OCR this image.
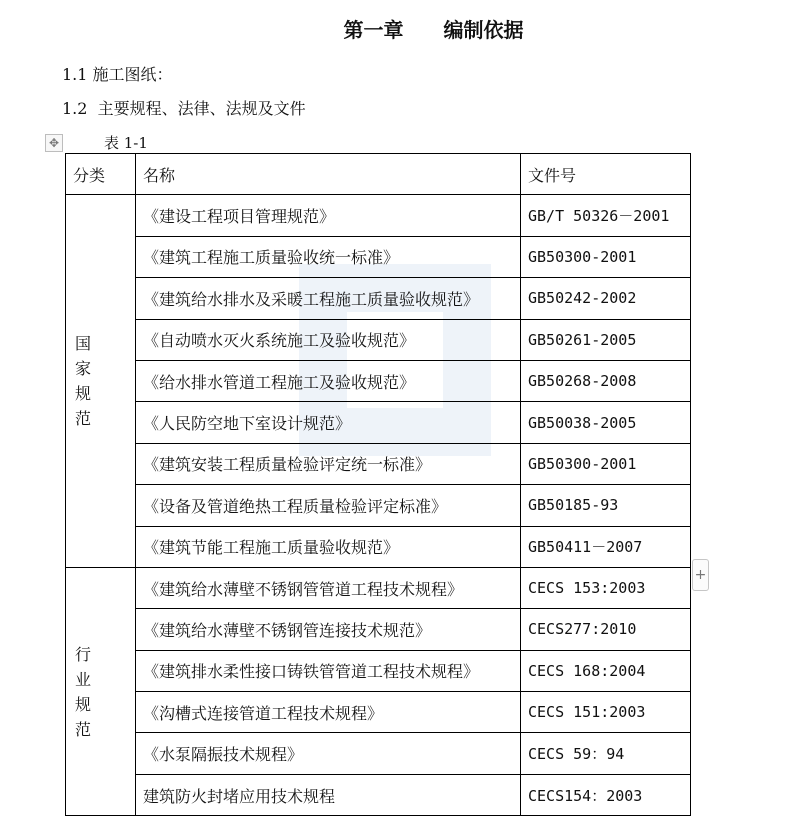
第一章　　编制依据
1.1 施工图纸：
1.2  主要规程、法律、法规及文件
✥	表 1-1
分类	名称	文件号

国家规范	《建设工程项目管理规范》	GB/T 50326－2001
	《建筑工程施工质量验收统一标准》	GB50300-2001
	《建筑给水排水及采暖工程施工质量验收规范》	GB50242-2002
	《自动喷水灭火系统施工及验收规范》	GB50261-2005
	《给水排水管道工程施工及验收规范》	GB50268-2008
	《人民防空地下室设计规范》	GB50038-2005
	《建筑安装工程质量检验评定统一标准》	GB50300-2001
	《设备及管道绝热工程质量检验评定标准》	GB50185-93
	《建筑节能工程施工质量验收规范》	GB50411－2007

行业规范	《建筑给水薄壁不锈钢管管道工程技术规程》	CECS 153:2003
	《建筑给水薄壁不锈钢管连接技术规范》	CECS277:2010
	《建筑排水柔性接口铸铁管管道工程技术规程》	CECS 168:2004
	《沟槽式连接管道工程技术规程》	CECS 151:2003
	《水泵隔振技术规程》	CECS 59：94
	建筑防火封堵应用技术规程	CECS154：2003
+
